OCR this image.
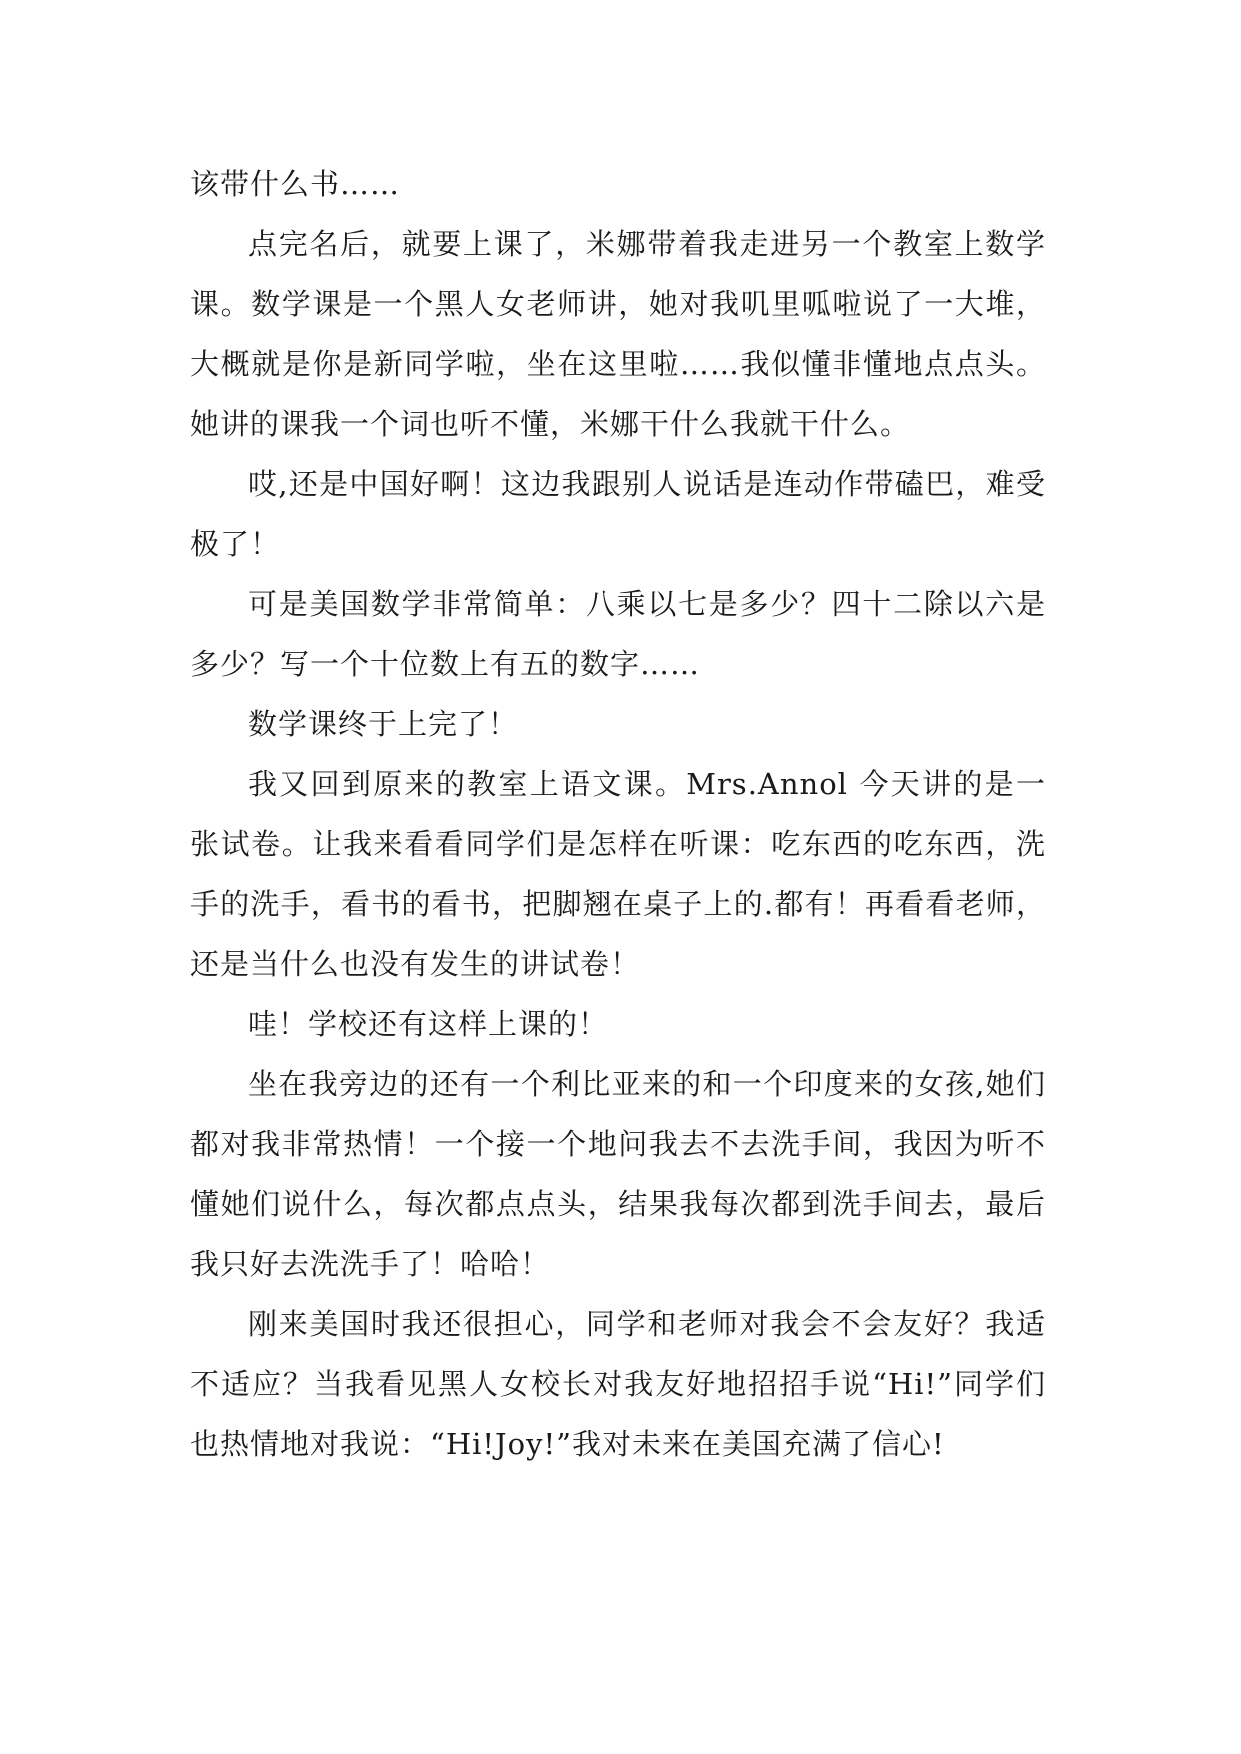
该带什么书……

点完名后，就要上课了，米娜带着我走进另一个教室上数学课。数学课是一个黑人女老师讲，她对我叽里呱啦说了一大堆，大概就是你是新同学啦，坐在这里啦……我似懂非懂地点点头。她讲的课我一个词也听不懂，米娜干什么我就干什么。

哎,还是中国好啊！这边我跟别人说话是连动作带磕巴，难受极了！

可是美国数学非常简单：八乘以七是多少？四十二除以六是多少？写一个十位数上有五的数字……

数学课终于上完了！

我又回到原来的教室上语文课。Mrs.Annol 今天讲的是一张试卷。让我来看看同学们是怎样在听课：吃东西的吃东西，洗手的洗手，看书的看书，把脚翘在桌子上的.都有！再看看老师，还是当什么也没有发生的讲试卷！

哇！学校还有这样上课的！

坐在我旁边的还有一个利比亚来的和一个印度来的女孩,她们都对我非常热情！一个接一个地问我去不去洗手间，我因为听不懂她们说什么，每次都点点头，结果我每次都到洗手间去，最后我只好去洗洗手了！哈哈！

刚来美国时我还很担心，同学和老师对我会不会友好？我适不适应？当我看见黑人女校长对我友好地招招手说“Hi!”同学们也热情地对我说：“Hi!Joy!”我对未来在美国充满了信心!
